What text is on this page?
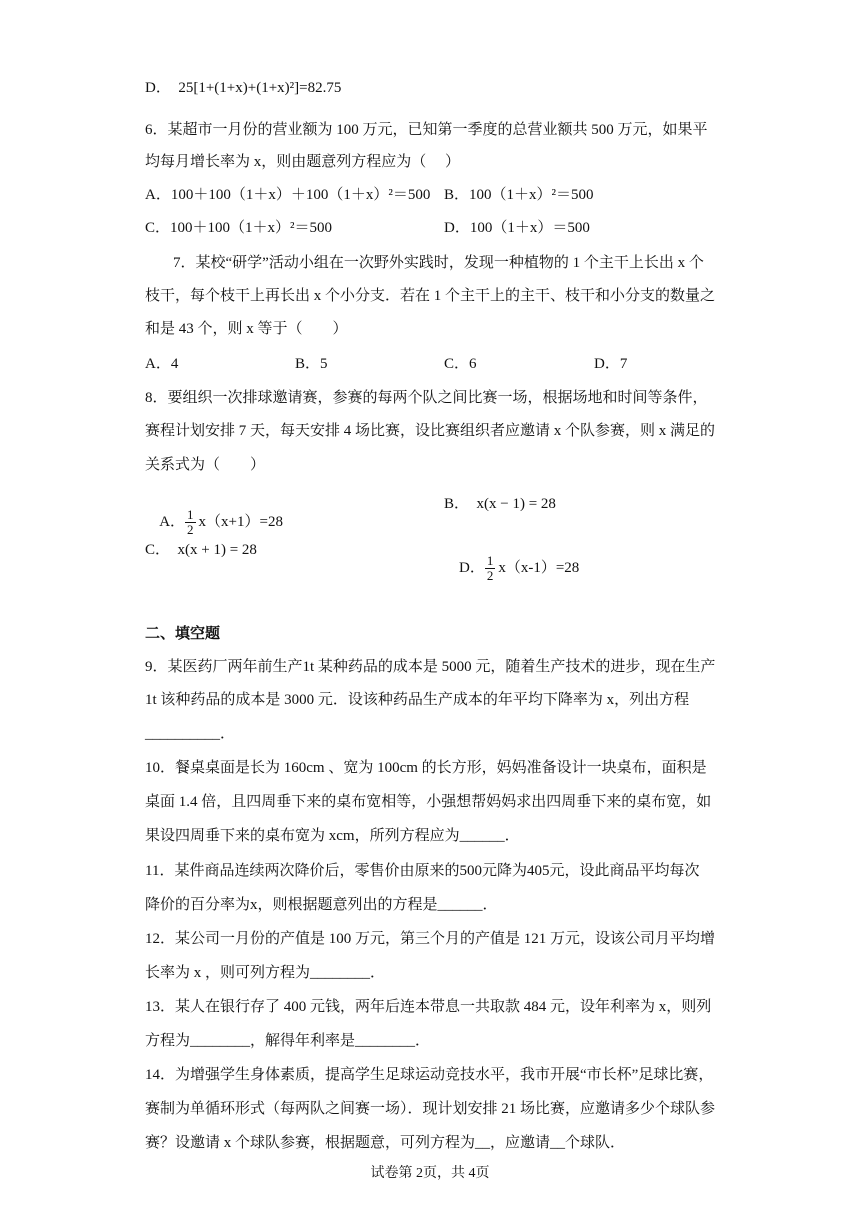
D．  25[1+(1+x)+(1+x)²]=82.75
6．某超市一月份的营业额为 100 万元，已知第一季度的总营业额共 500 万元，如果平
均每月增长率为 x，则由题意列方程应为（     ）
A．100＋100（1＋x）＋100（1＋x）²＝500 B．100（1＋x）²＝500
C．100＋100（1＋x）²＝500	D．100（1＋x）＝500
7．某校“研学”活动小组在一次野外实践时，发现一种植物的 1 个主干上长出 x 个
枝干，每个枝干上再长出 x 个小分支．若在 1 个主干上的主干、枝干和小分支的数量之
和是 43 个，则 x 等于（        ）
A．4	B．5	C．6	D．7
8．要组织一次排球邀请赛，参赛的每两个队之间比赛一场，根据场地和时间等条件，
赛程计划安排 7 天，每天安排 4 场比赛，设比赛组织者应邀请 x 个队参赛，则 x 满足的
关系式为（        ）

A． $\frac{1}{2} x(x+1)=28$

B．  x(x − 1) = 28
C．  x(x + 1) = 28

D． $\frac{1}{2} x(x-1)=28$

二、填空题
9．某医药厂两年前生产1t 某种药品的成本是 5000 元，随着生产技术的进步，现在生产
1t 该种药品的成本是 3000 元．设该种药品生产成本的年平均下降率为 x，列出方程
__________．
10．餐桌桌面是长为 160cm 、宽为 100cm 的长方形，妈妈准备设计一块桌布，面积是
桌面 1.4 倍，且四周垂下来的桌布宽相等，小强想帮妈妈求出四周垂下来的桌布宽，如
果设四周垂下来的桌布宽为 xcm，所列方程应为______．
11．某件商品连续两次降价后，零售价由原来的500元降为405元，设此商品平均每次
降价的百分率为x，则根据题意列出的方程是______．
12．某公司一月份的产值是 100 万元，第三个月的产值是 121 万元，设该公司月平均增
长率为 x ，则可列方程为________．
13．某人在银行存了 400 元钱，两年后连本带息一共取款 484 元，设年利率为 x，则列
方程为________，解得年利率是________．
14．为增强学生身体素质，提高学生足球运动竞技水平，我市开展“市长杯”足球比赛，
赛制为单循环形式（每两队之间赛一场）．现计划安排 21 场比赛，应邀请多少个球队参
赛？设邀请 x 个球队参赛，根据题意，可列方程为__，应邀请__个球队．
试卷第 2页，共 4页
